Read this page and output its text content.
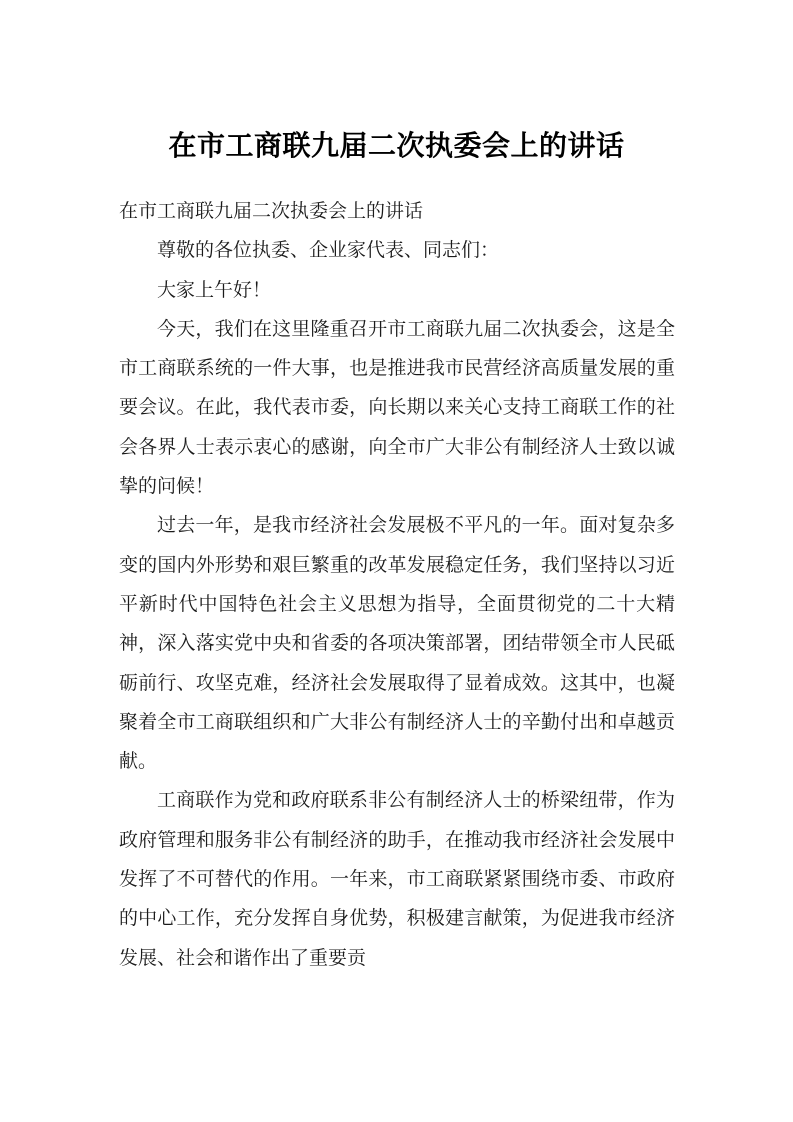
在市工商联九届二次执委会上的讲话

在市工商联九届二次执委会上的讲话

尊敬的各位执委、企业家代表、同志们：

大家上午好！

今天，我们在这里隆重召开市工商联九届二次执委会，这是全市工商联系统的一件大事，也是推进我市民营经济高质量发展的重要会议。在此，我代表市委，向长期以来关心支持工商联工作的社会各界人士表示衷心的感谢，向全市广大非公有制经济人士致以诚挚的问候！

过去一年，是我市经济社会发展极不平凡的一年。面对复杂多变的国内外形势和艰巨繁重的改革发展稳定任务，我们坚持以习近平新时代中国特色社会主义思想为指导，全面贯彻党的二十大精神，深入落实党中央和省委的各项决策部署，团结带领全市人民砥砺前行、攻坚克难，经济社会发展取得了显着成效。这其中，也凝聚着全市工商联组织和广大非公有制经济人士的辛勤付出和卓越贡献。

工商联作为党和政府联系非公有制经济人士的桥梁纽带，作为政府管理和服务非公有制经济的助手，在推动我市经济社会发展中发挥了不可替代的作用。一年来，市工商联紧紧围绕市委、市政府的中心工作，充分发挥自身优势，积极建言献策，为促进我市经济发展、社会和谐作出了重要贡
